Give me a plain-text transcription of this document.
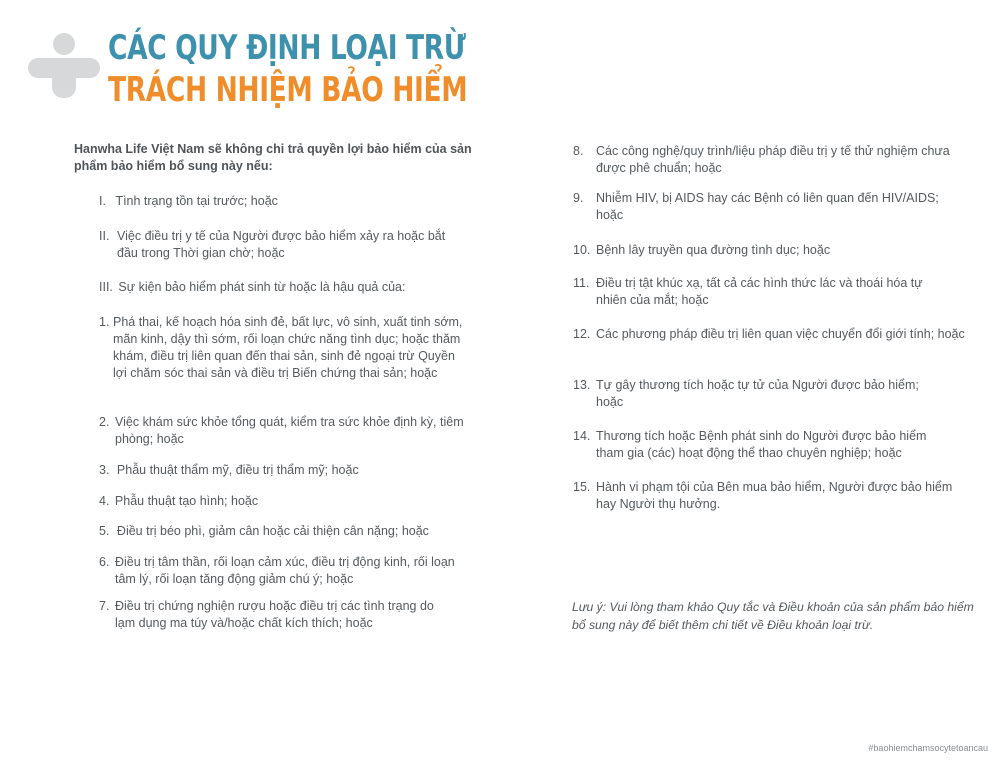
CÁC QUY ĐỊNH LOẠI TRỪ
TRÁCH NHIỆM BẢO HIỂM

Hanwha Life Việt Nam sẽ không chi trả quyền lợi bảo hiểm của sản phẩm bảo hiểm bổ sung này nếu:

I. Tình trạng tồn tại trước; hoặc
II. Việc điều trị y tế của Người được bảo hiểm xảy ra hoặc bắt đầu trong Thời gian chờ; hoặc
III. Sự kiện bảo hiểm phát sinh từ hoặc là hậu quả của:
1. Phá thai, kế hoạch hóa sinh đẻ, bất lực, vô sinh, xuất tinh sớm, mãn kinh, dậy thì sớm, rối loạn chức năng tình dục; hoặc thăm khám, điều trị liên quan đến thai sản, sinh đẻ ngoại trừ Quyền lợi chăm sóc thai sản và điều trị Biến chứng thai sản; hoặc
2. Việc khám sức khỏe tổng quát, kiểm tra sức khỏe định kỳ, tiêm phòng; hoặc
3. Phẫu thuật thẩm mỹ, điều trị thẩm mỹ; hoặc
4. Phẫu thuật tạo hình; hoặc
5. Điều trị béo phì, giảm cân hoặc cải thiện cân nặng; hoặc
6. Điều trị tâm thần, rối loạn cảm xúc, điều trị động kinh, rối loạn tâm lý, rối loạn tăng động giảm chú ý; hoặc
7. Điều trị chứng nghiện rượu hoặc điều trị các tình trạng do lạm dụng ma túy và/hoặc chất kích thích; hoặc
8.	Các công nghệ/quy trình/liệu pháp điều trị y tế thử nghiệm chưa được phê chuẩn; hoặc
9.	Nhiễm HIV, bị AIDS hay các Bệnh có liên quan đến HIV/AIDS; hoặc
10. Bệnh lây truyền qua đường tình dục; hoặc
11. Điều trị tật khúc xạ, tất cả các hình thức lác và thoái hóa tự nhiên của mắt; hoặc
12. Các phương pháp điều trị liên quan việc chuyển đổi giới tính; hoặc
13. Tự gây thương tích hoặc tự tử của Người được bảo hiểm; hoặc
14. Thương tích hoặc Bệnh phát sinh do Người được bảo hiểm tham gia (các) hoạt động thể thao chuyên nghiệp; hoặc
15. Hành vi phạm tội của Bên mua bảo hiểm, Người được bảo hiểm hay Người thụ hưởng.

Lưu ý: Vui lòng tham khảo Quy tắc và Điều khoản của sản phẩm bảo hiểm bổ sung này để biết thêm chi tiết về Điều khoản loại trừ.

#baohiemchamsocytetoancau
